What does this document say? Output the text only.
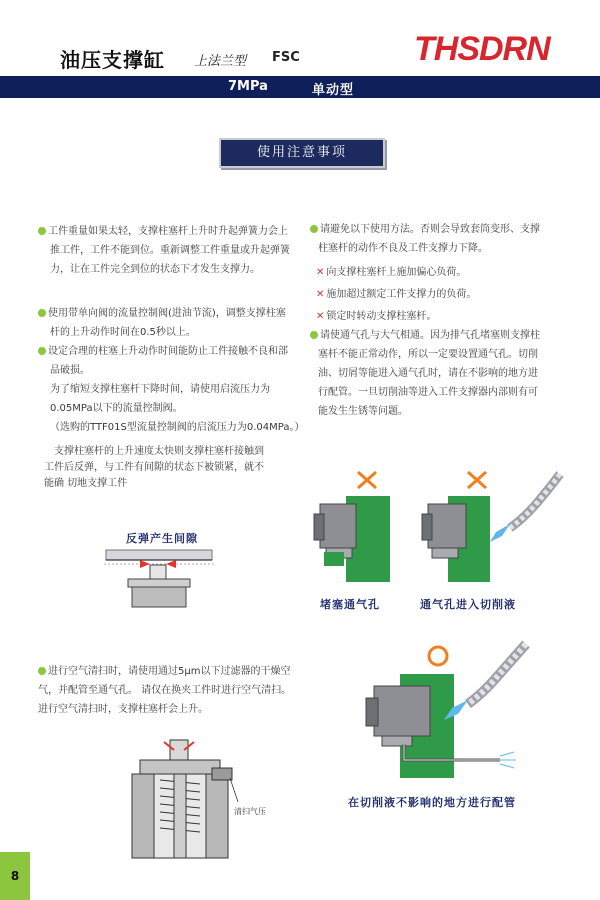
油压支撑缸 上法兰型 FSC	THSDRN
7MPa	单动型
使用注意事项
工件重量如果太轻，支撑柱塞杆上升时升起弹簧力会上
推工件，工件不能到位。重新调整工件重量或升起弹簧
力，让在工件完全到位的状态下才发生支撑力。
使用带单向阀的流量控制阀(进油节流)，调整支撑柱塞
杆的上升动作时间在0.5秒以上。
设定合理的柱塞上升动作时间能防止工件接触不良和部
品破损。
为了缩短支撑柱塞杆下降时间，请使用启流压力为
0.05MPa以下的流量控制阀。
（选购的TTF01S型流量控制阀的启流压力为0.04MPa。）
请避免以下使用方法。否则会导致套筒变形、支撑
柱塞杆的动作不良及工件支撑力下降。
✕ 向支撑柱塞杆上施加偏心负荷。
✕ 施加超过额定工件支撑力的负荷。
✕ 锁定时转动支撑柱塞杆。
请使通气孔与大气相通。因为排气孔堵塞则支撑柱
塞杆不能正常动作，所以一定要设置通气孔。切削
油、切屑等能进入通气孔时，请在不影响的地方进
行配管。一旦切削油等进入工件支撑器内部则有可
能发生生锈等问题。
支撑柱塞杆的上升速度太快则支撑柱塞杆接触到
工件后反弹，与工件有间隙的状态下被锁紧，就不
能确 切地支撑工件
反弹产生间隙
堵塞通气孔	通气孔进入切削液
进行空气清扫时，请使用通过5μm以下过滤器的干燥空
气，并配管至通气孔。 请仅在换夹工件时进行空气清扫。
进行空气清扫时，支撑柱塞杆会上升。
清扫气压
在切削液不影响的地方进行配管
8
